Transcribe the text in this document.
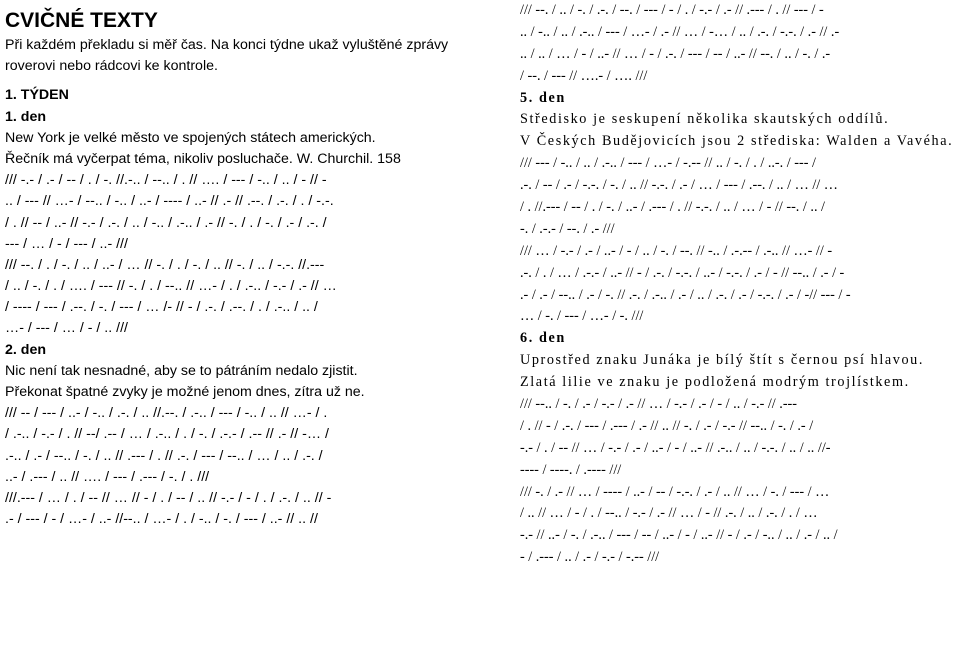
CVIČNÉ TEXTY
Při každém překladu si měř čas. Na konci týdne ukaž vyluštěné zprávy
roverovi nebo rádcovi ke kontrole.
1. TÝDEN
1. den
New York je velké město ve spojených státech amerických.
Řečník má vyčerpat téma, nikoliv posluchače. W. Churchil. 158
/// -.- / .- / -- / . / -. //.-.. / --.. / . // …. / --- / -.. / .. / - // -
.. / --- // …- / --.. / -.. / ..- / ---- / ..- // .- // .--. / .-. / . / -.-.
/ . // -- / ..- // -.- / .-. / .. / -.. / .-.. / .- // -. / . / -. / .- / .-. /
--- / … / - / --- / ..- ///
/// --. / . / -. / .. / ..- / … // -. / . / -. / .. // -. / .. / -.-. //.---
/ .. / -. / . / …. / --- // -. / . / --.. // …- / . / .-.. / -.- / .- // …
/ ---- / --- / .--. / -. / --- / … /- // - / .-. / .--. / . / .-.. / .. /
…- / --- / … / - / .. ///
2. den
Nic není tak nesnadné, aby se to pátráním nedalo zjistit.
Překonat špatné zvyky je možné jenom dnes, zítra už ne.
/// -- / --- / ..- / -.. / .-. / .. //.--. / .-.. / --- / -.. / .. // …- / .
/ .-.. / -.- / . // --/ .-- / … / .-.. / . / -. / .-.- / .-- // .- // -… /
.-.. / .- / --.. / -. / .. // .--- / . // .-. / --- / --.. / … / .. / .-. /
..- / .--- / .. // …. / --- / .--- / -. / . ///
///.--- / … / . / -- // … // - / . / -- / .. // -.- / - / . / .-. / .. // -
.- / --- / - / …- / ..- //--.. / …- / . / -.. / -. / --- / ..- // .. //
/// --. / .. / -. / .-. / --. / --- / - / . / -.- / .- // .--- / . // --- / -
.. / -.. / .. / .-.. / --- / …- / .- // … / -… / .. / .-. / -.-. / .- // .-
.. / .. / … / - / ..- // … / - / .-. / --- / -- / ..- // --. / .. / -. / .-
/ --. / --- // ….- / …. ///
5. den
Středisko je seskupení několika skautských oddílů.
V Českých Budějovicích jsou 2 střediska: Walden a Vavéha.
/// --- / -.. / .. / .-.. / --- / …- / -.-- // .. / -. / . / ..-. / --- /
.-. / -- / .- / -.-. / -. / .. // -.-. / .- / … / --- / .--. / .. / … // …
/ . //.--- / -- / . / -. / ..- / .--- / . // -.-. / .. / … / - // --. / .. /
-. / .-.- / --. / .- ///
/// … / -.- / .- / ..- / - / .. / -. / --. // -.. / .-.-- / .-.. // …- // -
.-. / . / … / .-.- / ..- // - / .-. / -.-. / ..- / -.-. / .- / - // --.. / .- / -
.- / .- / --.. / .- / -. // .-. / .-.. / .- / .. / .-. / .- / -.-. / .- / -// --- / -
… / -. / --- / …- / -. ///
6. den
Uprostřed znaku Junáka je bílý štít s černou psí hlavou.
Zlatá lilie ve znaku je podložená modrým trojlístkem.
/// --.. / -. / .- / -.- / .- // … / -.- / .- / - / .. / -.- // .---
/ . // - / .-. / --- / .--- / .- // .. // -. / .- / -.- // --.. / -. / .- /
-.- / . / -- // … / -.- / .- / ..- / - / ..- // .-.. / .. / -.-. / .. / .. //-
---- / ----. / .---- ///
/// -. / .- // … / ---- / ..- / -- / -.-. / .- / .. // … / -. / --- / …
/ .. // … / - / . / --.. / -.- / .- // … / - // .-. / .. / .-. / . / …
-.- // ..- / -. / .-.. / --- / -- / ..- / - / ..- // - / .- / -.. / .. / .- / .. /
- / .--- / .. / .- / -.- / -.-- ///
